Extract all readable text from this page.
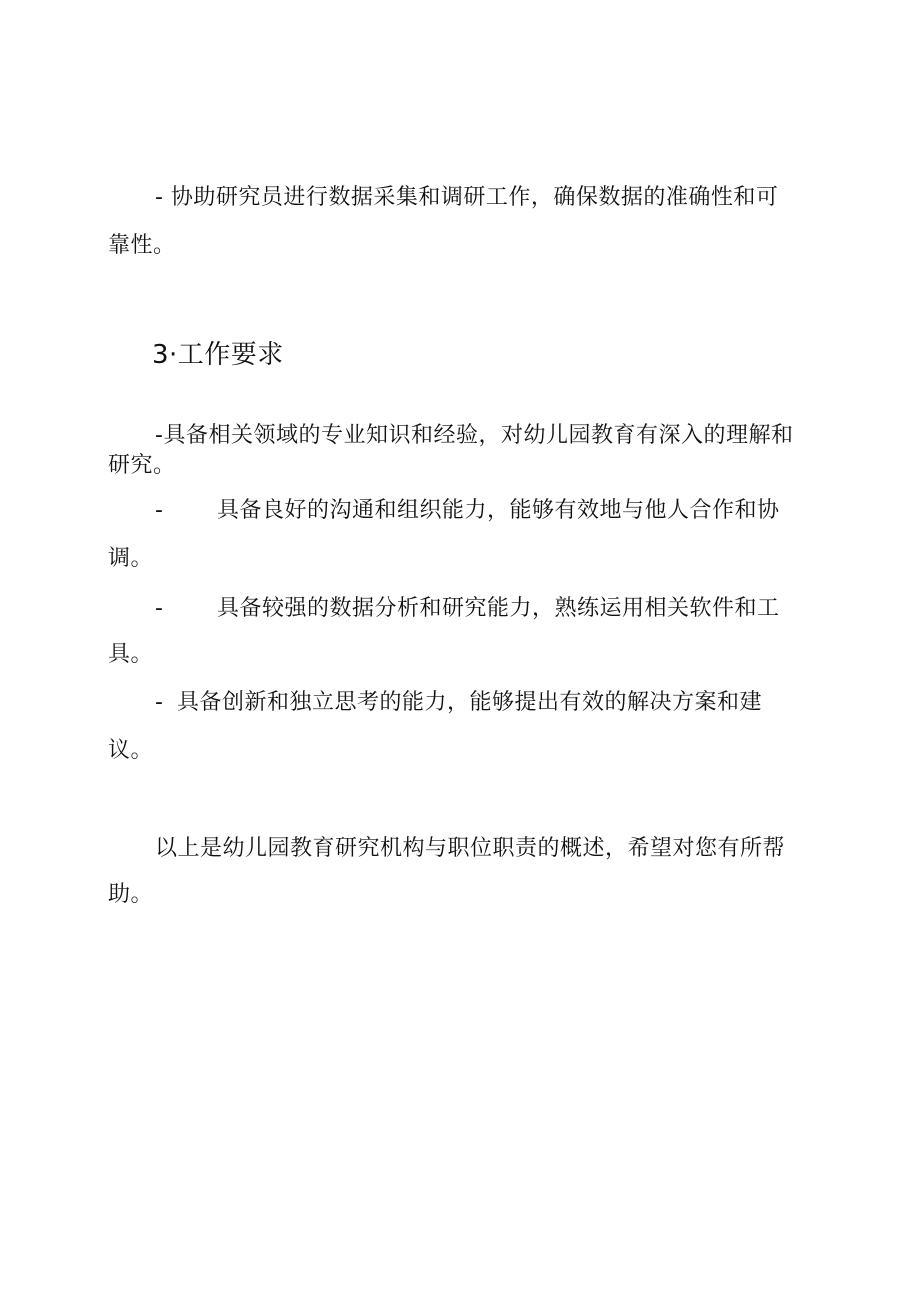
- 协助研究员进行数据采集和调研工作，确保数据的准确性和可
靠性。
3·工作要求
-具备相关领域的专业知识和经验，对幼儿园教育有深入的理解和
研究。
- 具备良好的沟通和组织能力，能够有效地与他人合作和协
调。
- 具备较强的数据分析和研究能力，熟练运用相关软件和工
具。
- 具备创新和独立思考的能力，能够提出有效的解决方案和建
议。
以上是幼儿园教育研究机构与职位职责的概述，希望对您有所帮
助。
